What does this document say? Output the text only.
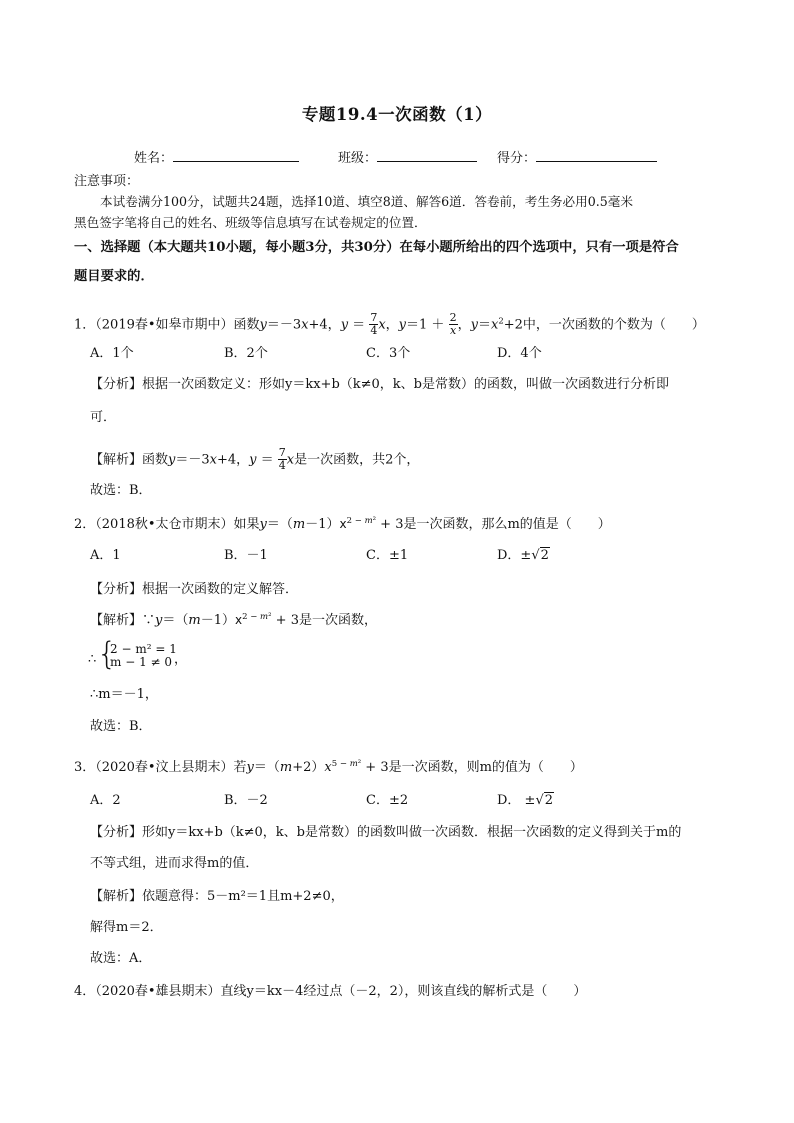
专题19.4一次函数（1）
姓名：	班级：	得分：
注意事项：
本试卷满分100分，试题共24题，选择10道、填空8道、解答6道．答卷前，考生务必用0.5毫米
黑色签字笔将自己的姓名、班级等信息填写在试卷规定的位置．
一、选择题（本大题共10小题，每小题3分，共30分）在每小题所给出的四个选项中，只有一项是符合
题目要求的．
1．（2019春•如皋市期中）函数y＝－3x+4，$y = \frac{7}{4}$ x，$y=1 + \frac{2}{x}$ ，$y=x^2+2$中，一次函数的个数为（　　）
A．1个	B．2个	C．3个	D．4个
【分析】根据一次函数定义：形如y＝kx+b（k≠0，k、b是常数）的函数，叫做一次函数进行分析即
可．
【解析】函数y＝－3x+4，$y = \frac{7}{4}$ x是一次函数，共2个，
故选：B．
2．（2018秋•太仓市期末）如果$y=(m-1)x^{2 - m^2} + 3$是一次函数，那么m的值是（　　）
A．1	B．－1	C．±1	D．±√2
【分析】根据一次函数的定义解答．
【解析】$\because y=(m-1)x^{2 - m^2} + 3$是一次函数，
∴ {
2 − m² = 1
m − 1 ≠ 0 ，
∴m＝－1，
故选：B．
3．（2020春•汶上县期末）若$y=(m+2)x^{5 - m^2} + 3$是一次函数，则m的值为（　　）
A．2	B．－2	C．±2	D． ±√2
【分析】形如y＝kx+b（k≠0，k、b是常数）的函数叫做一次函数．根据一次函数的定义得到关于m的
不等式组，进而求得m的值．
【解析】依题意得：5－m²＝1且m+2≠0，
解得m＝2．
故选：A．
4．（2020春•雄县期末）直线y＝kx－4经过点（－2，2），则该直线的解析式是（　　）
